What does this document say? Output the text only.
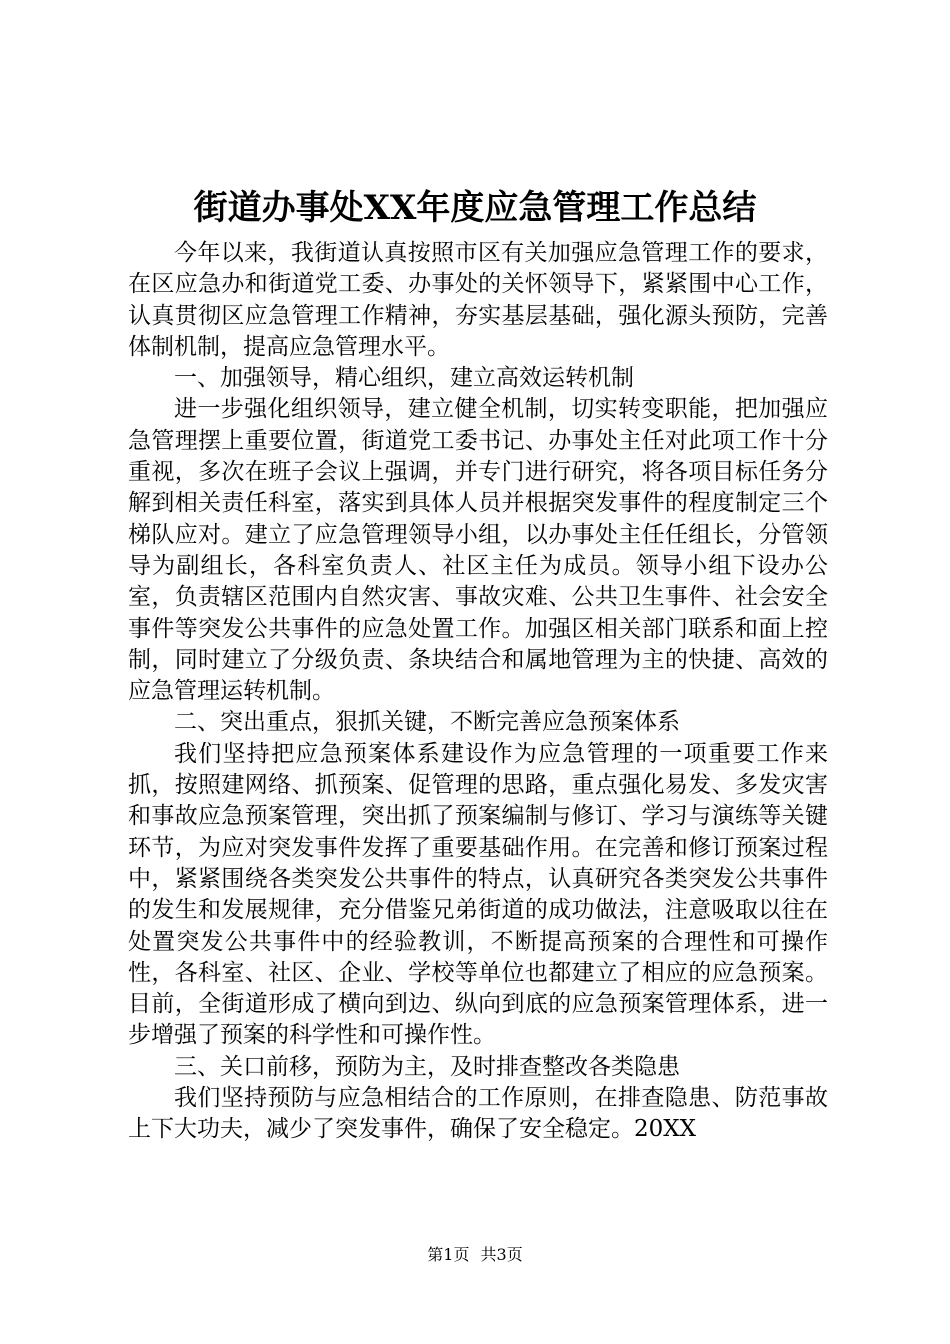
街道办事处XX年度应急管理工作总结

今年以来，我街道认真按照市区有关加强应急管理工作的要求，在区应急办和街道党工委、办事处的关怀领导下，紧紧围中心工作，认真贯彻区应急管理工作精神，夯实基层基础，强化源头预防，完善体制机制，提高应急管理水平。

一、加强领导，精心组织，建立高效运转机制

进一步强化组织领导，建立健全机制，切实转变职能，把加强应急管理摆上重要位置，街道党工委书记、办事处主任对此项工作十分重视，多次在班子会议上强调，并专门进行研究，将各项目标任务分解到相关责任科室，落实到具体人员并根据突发事件的程度制定三个梯队应对。建立了应急管理领导小组，以办事处主任任组长，分管领导为副组长，各科室负责人、社区主任为成员。领导小组下设办公室，负责辖区范围内自然灾害、事故灾难、公共卫生事件、社会安全事件等突发公共事件的应急处置工作。加强区相关部门联系和面上控制，同时建立了分级负责、条块结合和属地管理为主的快捷、高效的应急管理运转机制。

二、突出重点，狠抓关键，不断完善应急预案体系

我们坚持把应急预案体系建设作为应急管理的一项重要工作来抓，按照建网络、抓预案、促管理的思路，重点强化易发、多发灾害和事故应急预案管理，突出抓了预案编制与修订、学习与演练等关键环节，为应对突发事件发挥了重要基础作用。在完善和修订预案过程中，紧紧围绕各类突发公共事件的特点，认真研究各类突发公共事件的发生和发展规律，充分借鉴兄弟街道的成功做法，注意吸取以往在处置突发公共事件中的经验教训，不断提高预案的合理性和可操作性，各科室、社区、企业、学校等单位也都建立了相应的应急预案。目前，全街道形成了横向到边、纵向到底的应急预案管理体系，进一步增强了预案的科学性和可操作性。

三、关口前移，预防为主，及时排查整改各类隐患

我们坚持预防与应急相结合的工作原则，在排查隐患、防范事故上下大功夫，减少了突发事件，确保了安全稳定。20XX

第1页 共3页
